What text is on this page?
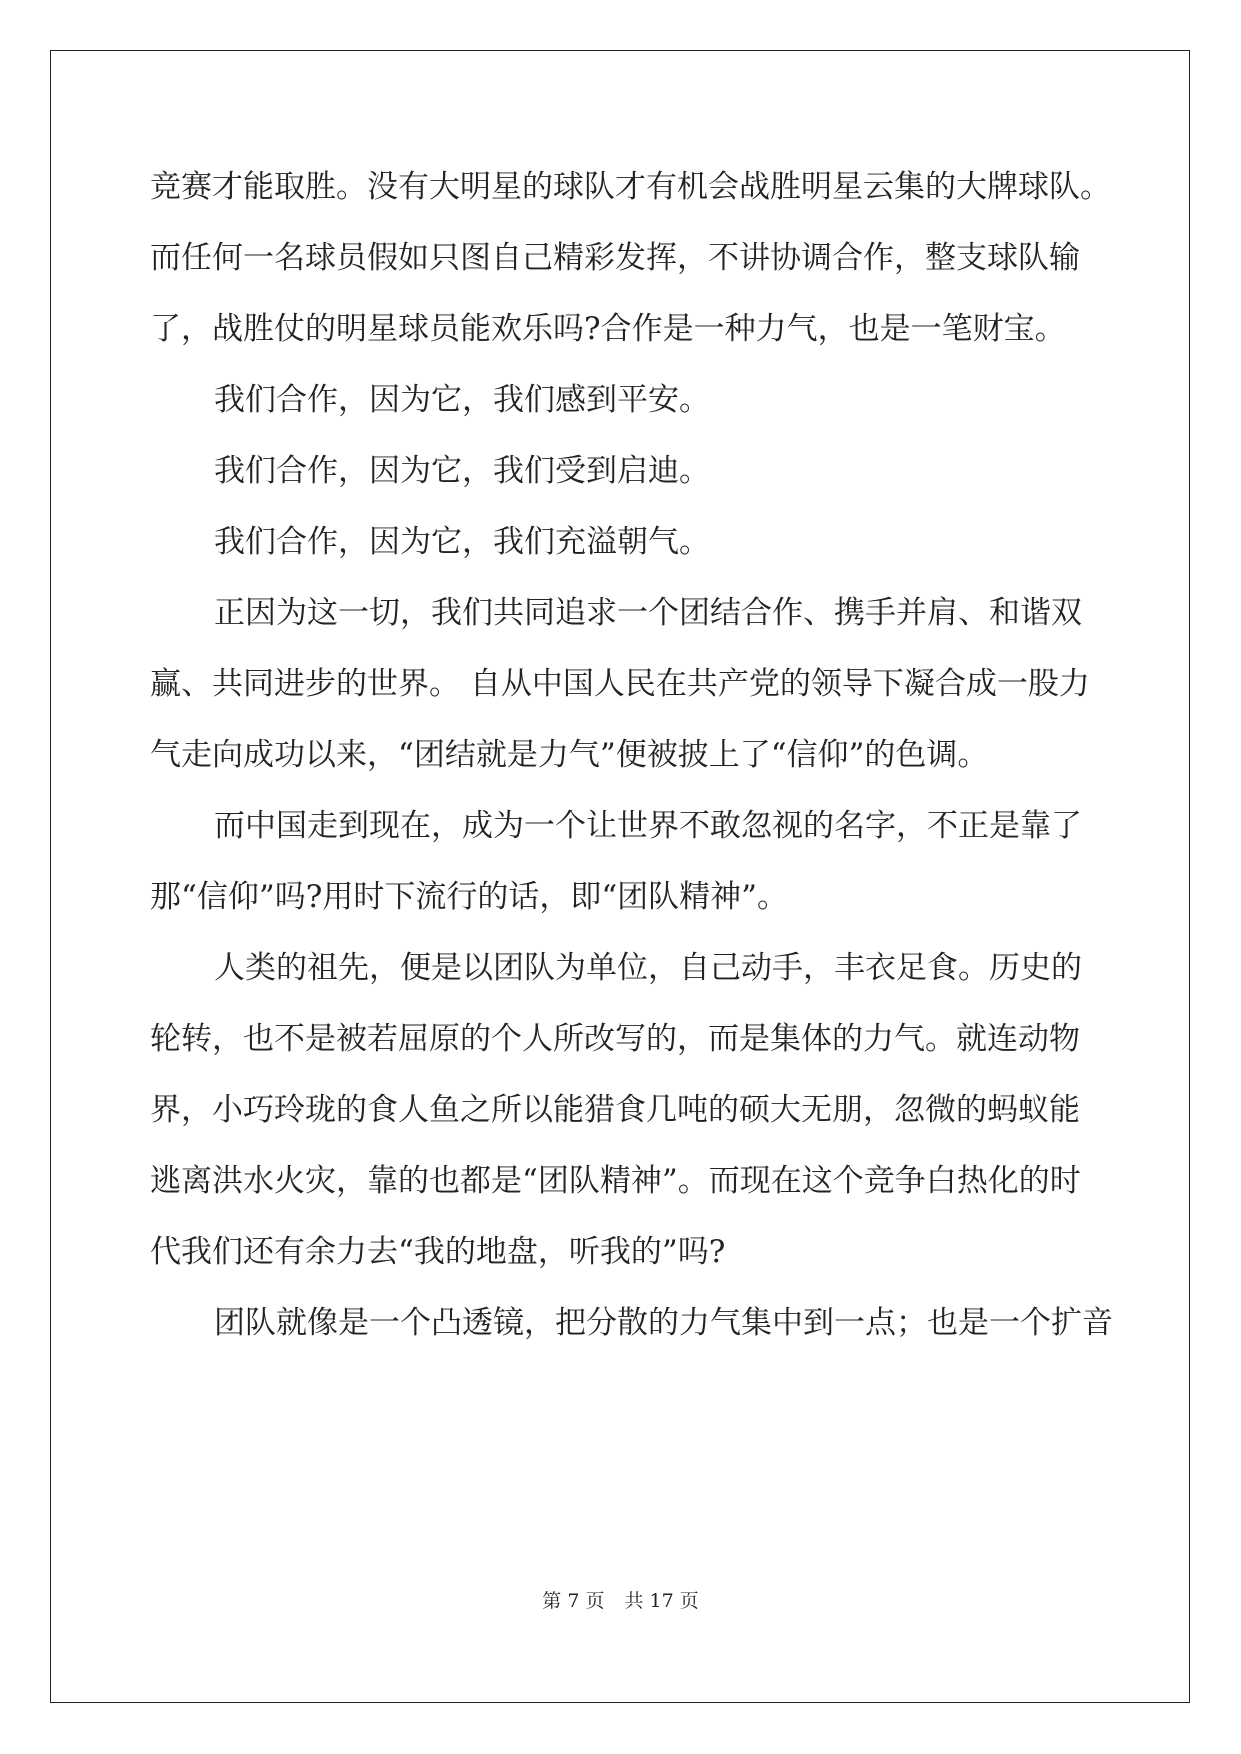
竞赛才能取胜。没有大明星的球队才有机会战胜明星云集的大牌球队。

而任何一名球员假如只图自己精彩发挥，不讲协调合作，整支球队输

了，战胜仗的明星球员能欢乐吗?合作是一种力气，也是一笔财宝。

我们合作，因为它，我们感到平安。

我们合作，因为它，我们受到启迪。

我们合作，因为它，我们充溢朝气。

正因为这一切，我们共同追求一个团结合作、携手并肩、和谐双

赢、共同进步的世界。 自从中国人民在共产党的领导下凝合成一股力

气走向成功以来，“团结就是力气”便被披上了“信仰”的色调。

而中国走到现在，成为一个让世界不敢忽视的名字，不正是靠了

那“信仰”吗?用时下流行的话，即“团队精神”。

人类的祖先，便是以团队为单位，自己动手，丰衣足食。历史的

轮转，也不是被若屈原的个人所改写的，而是集体的力气。就连动物

界，小巧玲珑的食人鱼之所以能猎食几吨的硕大无朋，忽微的蚂蚁能

逃离洪水火灾，靠的也都是“团队精神”。而现在这个竞争白热化的时

代我们还有余力去“我的地盘，听我的”吗?

团队就像是一个凸透镜，把分散的力气集中到一点；也是一个扩音

第 7 页 共 17 页
